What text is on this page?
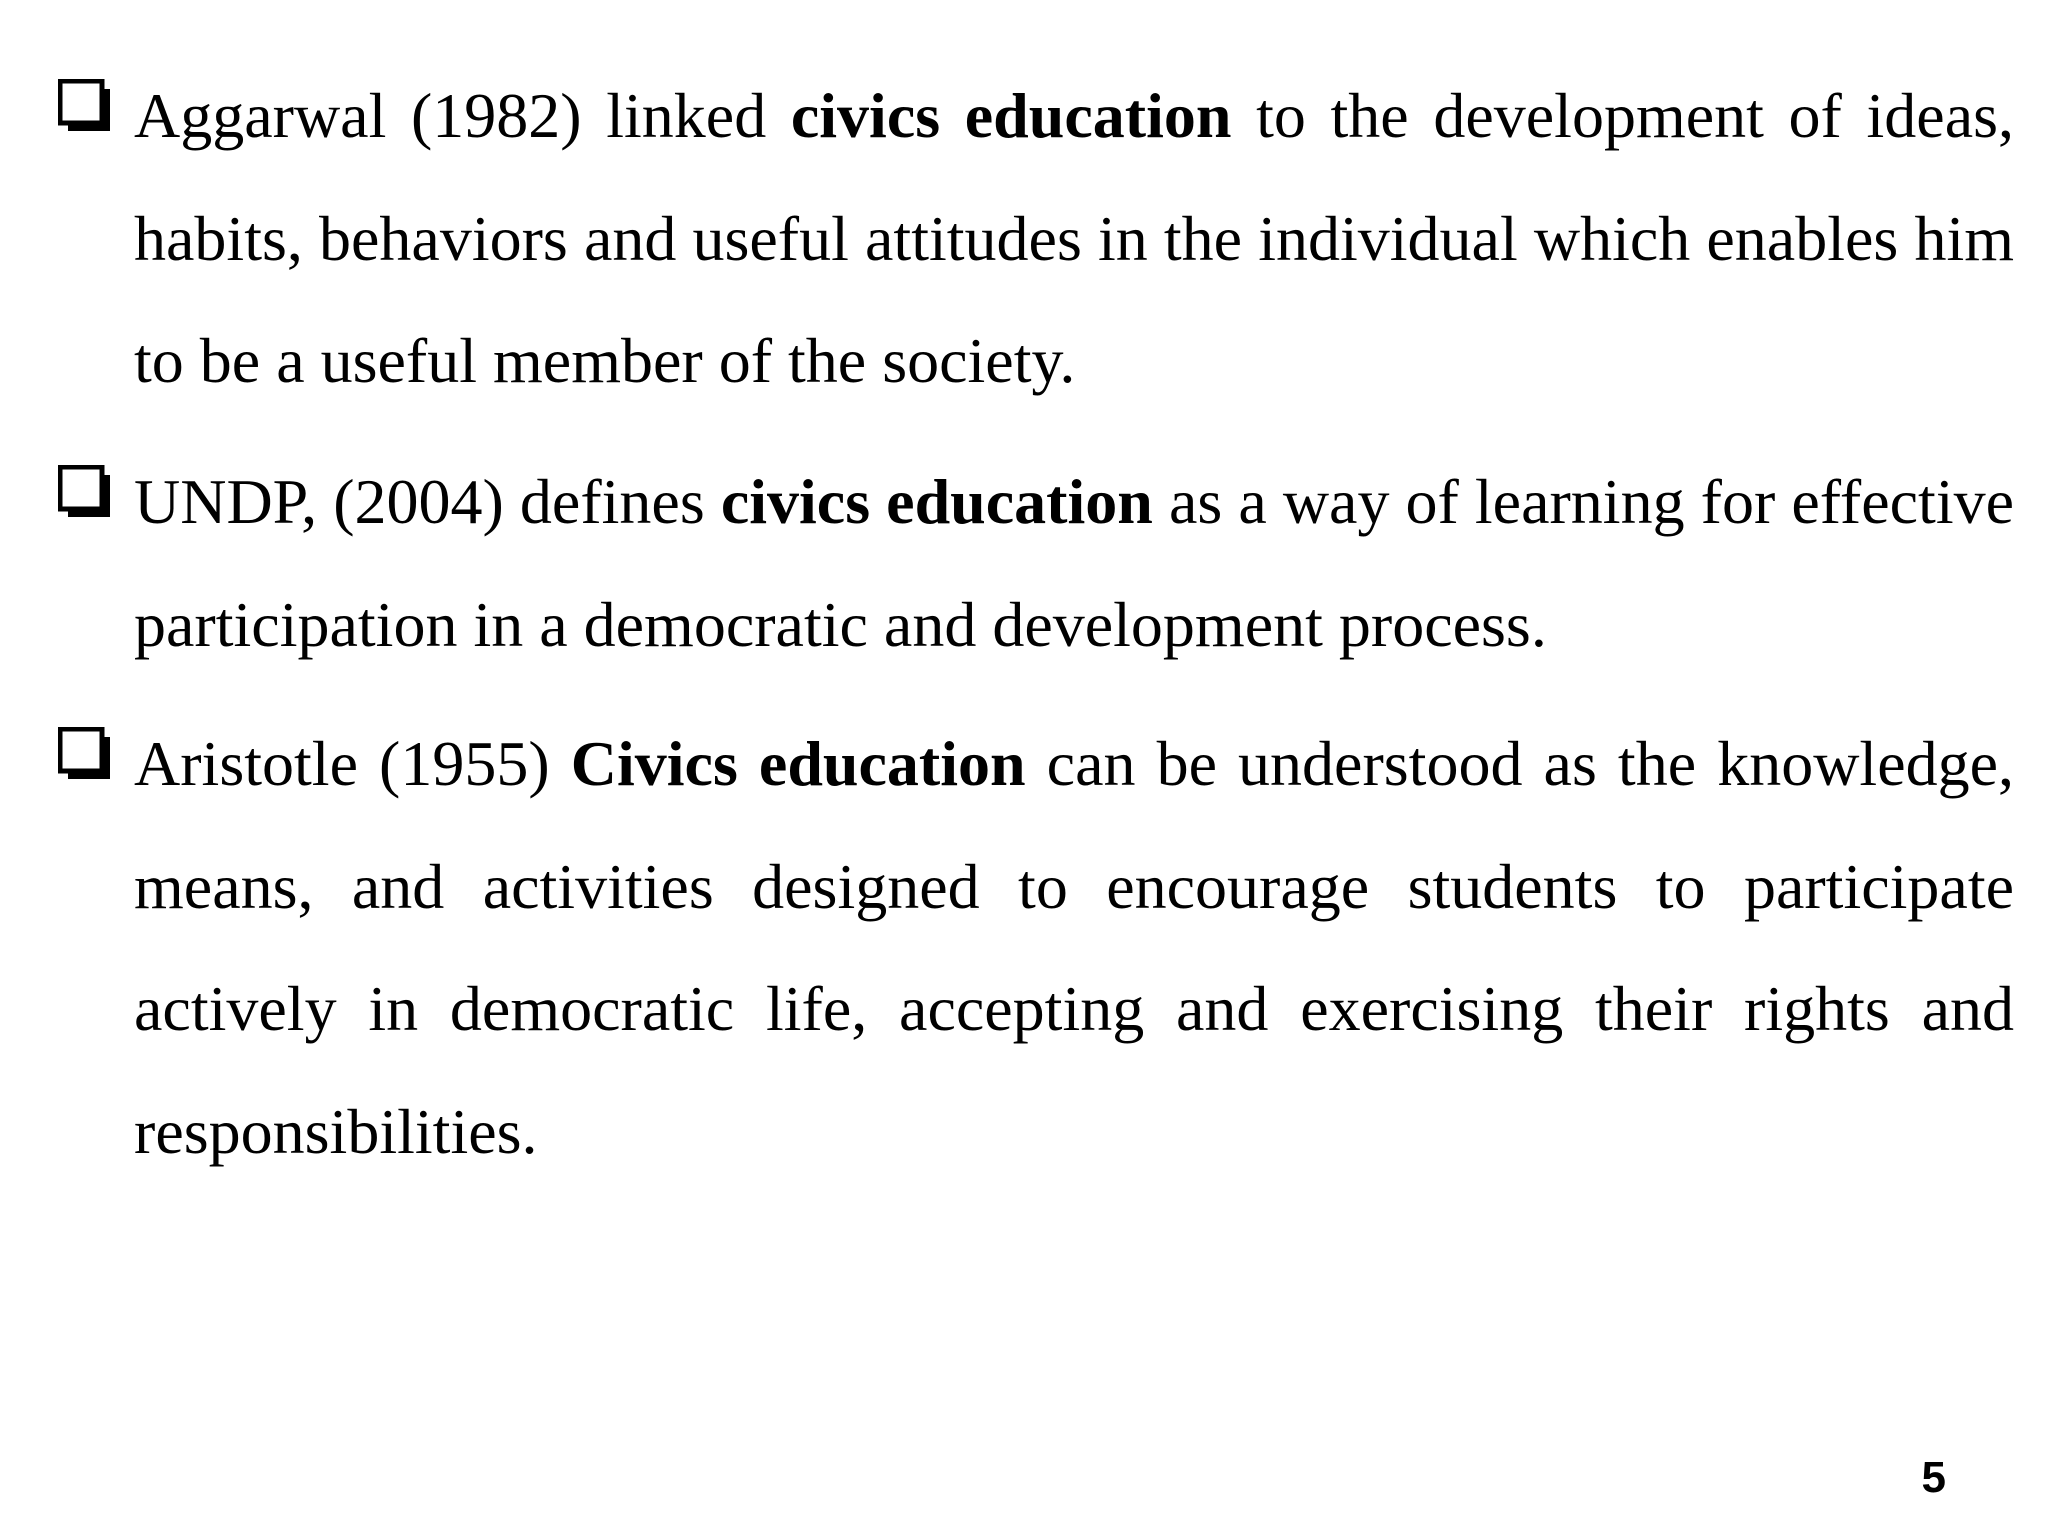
Aggarwal (1982) linked civics education to the development of ideas, habits, behaviors and useful attitudes in the individual which enables him to be a useful member of the society.

UNDP, (2004) defines civics education as a way of learning for effective participation in a democratic and development process.

Aristotle (1955) Civics education can be understood as the knowledge, means, and activities designed to encourage students to participate actively in democratic life, accepting and exercising their rights and responsibilities.

5
